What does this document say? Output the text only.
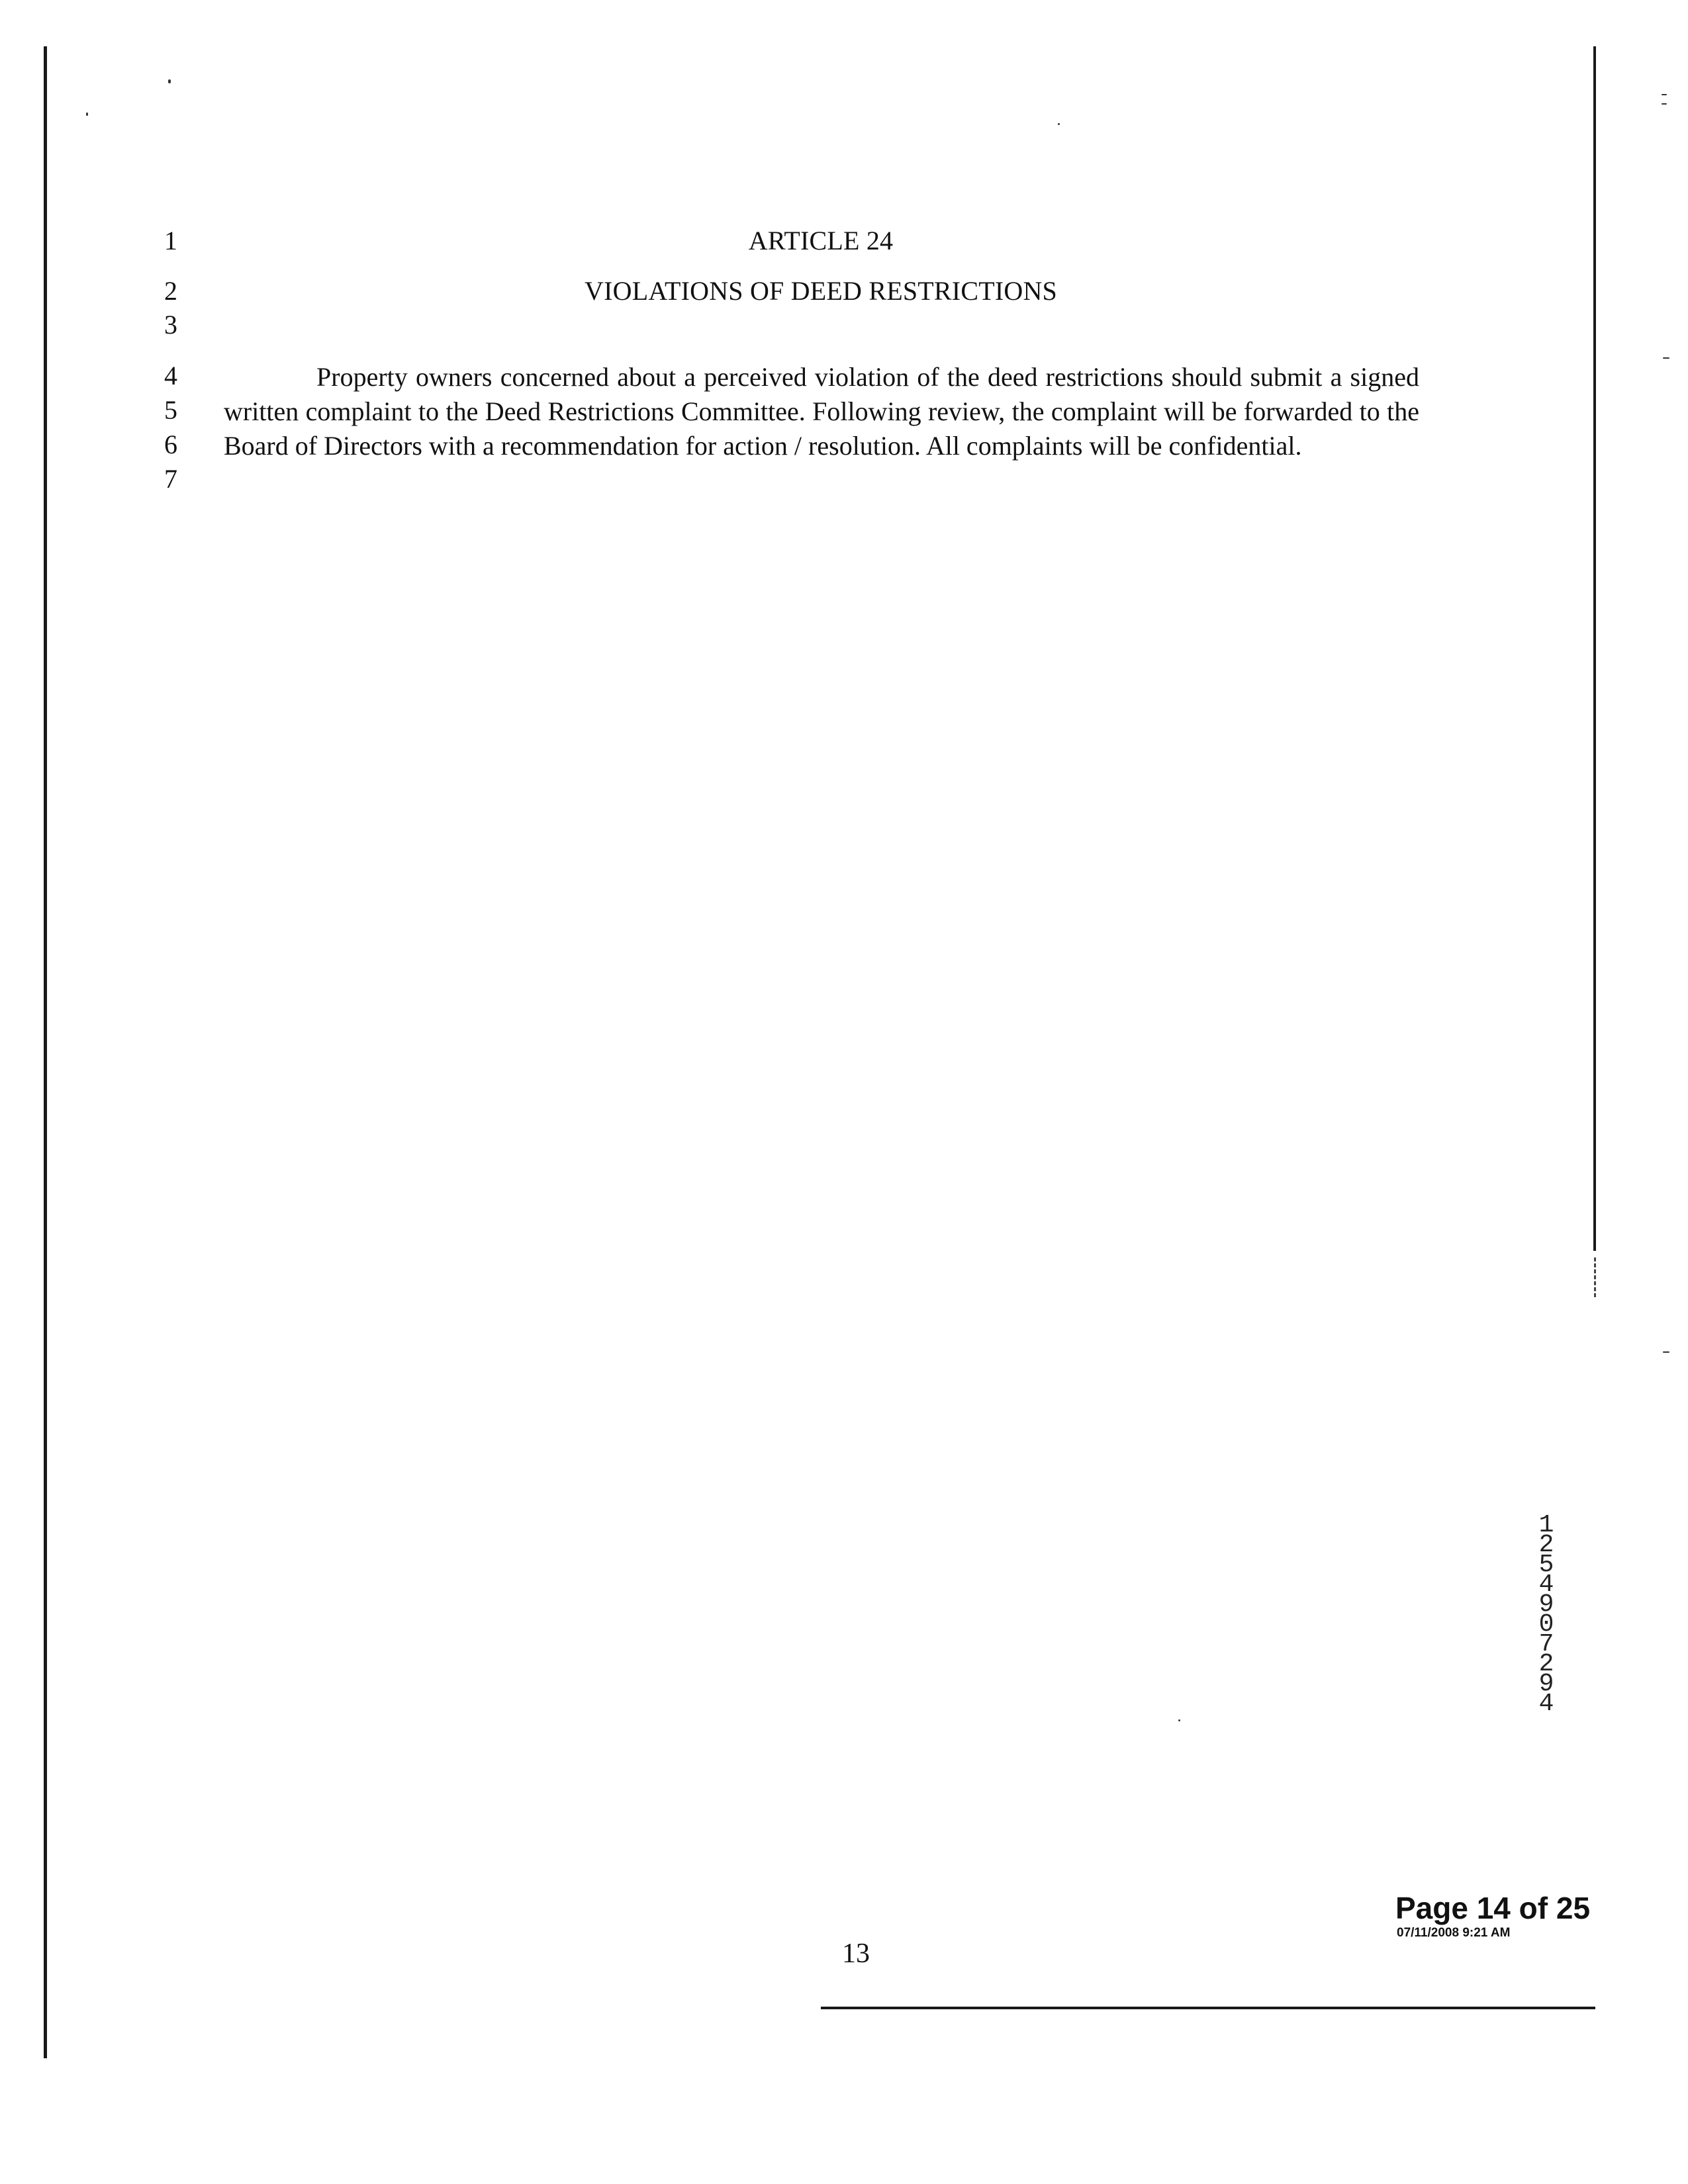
1
2
3
4
5
6
7
ARTICLE 24
VIOLATIONS OF DEED RESTRICTIONS
Property owners concerned about a perceived violation of the deed restrictions should submit a signed written complaint to the Deed Restrictions Committee. Following review, the complaint will be forwarded to the Board of Directors with a recommendation for action / resolution. All complaints will be confidential.
12549 07294
Page 14 of 25
07/11/2008 9:21 AM
13
